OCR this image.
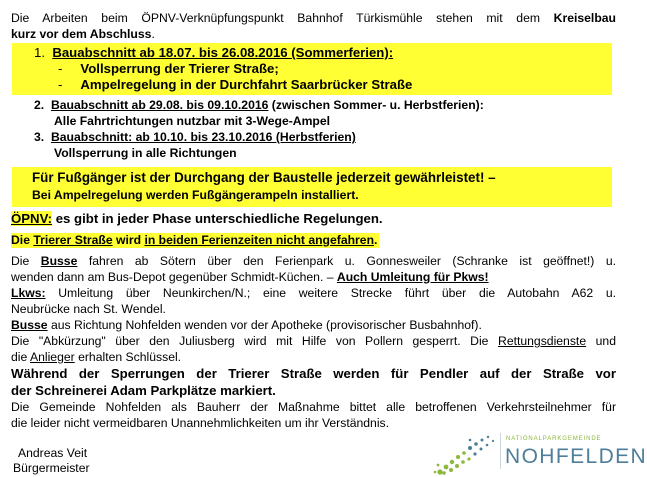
Die Arbeiten beim ÖPNV-Verknüpfungspunkt Bahnhof Türkismühle stehen mit dem Kreiselbau
kurz vor dem Abschluss.
1. Bauabschnitt ab 18.07. bis 26.08.2016 (Sommerferien):
- Vollsperrung der Trierer Straße;
- Ampelregelung in der Durchfahrt Saarbrücker Straße
2. Bauabschnitt ab 29.08. bis 09.10.2016 (zwischen Sommer- u. Herbstferien):
Alle Fahrtrichtungen nutzbar mit 3-Wege-Ampel
3. Bauabschnitt: ab 10.10. bis 23.10.2016 (Herbstferien)
Vollsperrung in alle Richtungen
Für Fußgänger ist der Durchgang der Baustelle jederzeit gewährleistet! –
Bei Ampelregelung werden Fußgängerampeln installiert.
ÖPNV: es gibt in jeder Phase unterschiedliche Regelungen.
Die Trierer Straße wird in beiden Ferienzeiten nicht angefahren.
Die Busse fahren ab Sötern über den Ferienpark u. Gonnesweiler (Schranke ist geöffnet!) u.
wenden dann am Bus-Depot gegenüber Schmidt-Küchen. – Auch Umleitung für Pkws!
Lkws: Umleitung über Neunkirchen/N.; eine weitere Strecke führt über die Autobahn A62 u.
Neubrücke nach St. Wendel.
Busse aus Richtung Nohfelden wenden vor der Apotheke (provisorischer Busbahnhof).
Die "Abkürzung" über den Juliusberg wird mit Hilfe von Pollern gesperrt. Die Rettungsdienste und
die Anlieger erhalten Schlüssel.
Während der Sperrungen der Trierer Straße werden für Pendler auf der Straße vor
der Schreinerei Adam Parkplätze markiert.
Die Gemeinde Nohfelden als Bauherr der Maßnahme bittet alle betroffenen Verkehrsteilnehmer für
die leider nicht vermeidbaren Unannehmlichkeiten um ihr Verständnis.
Andreas Veit
Bürgermeister
NATIONALPARKGEMEINDE
NOHFELDEN
